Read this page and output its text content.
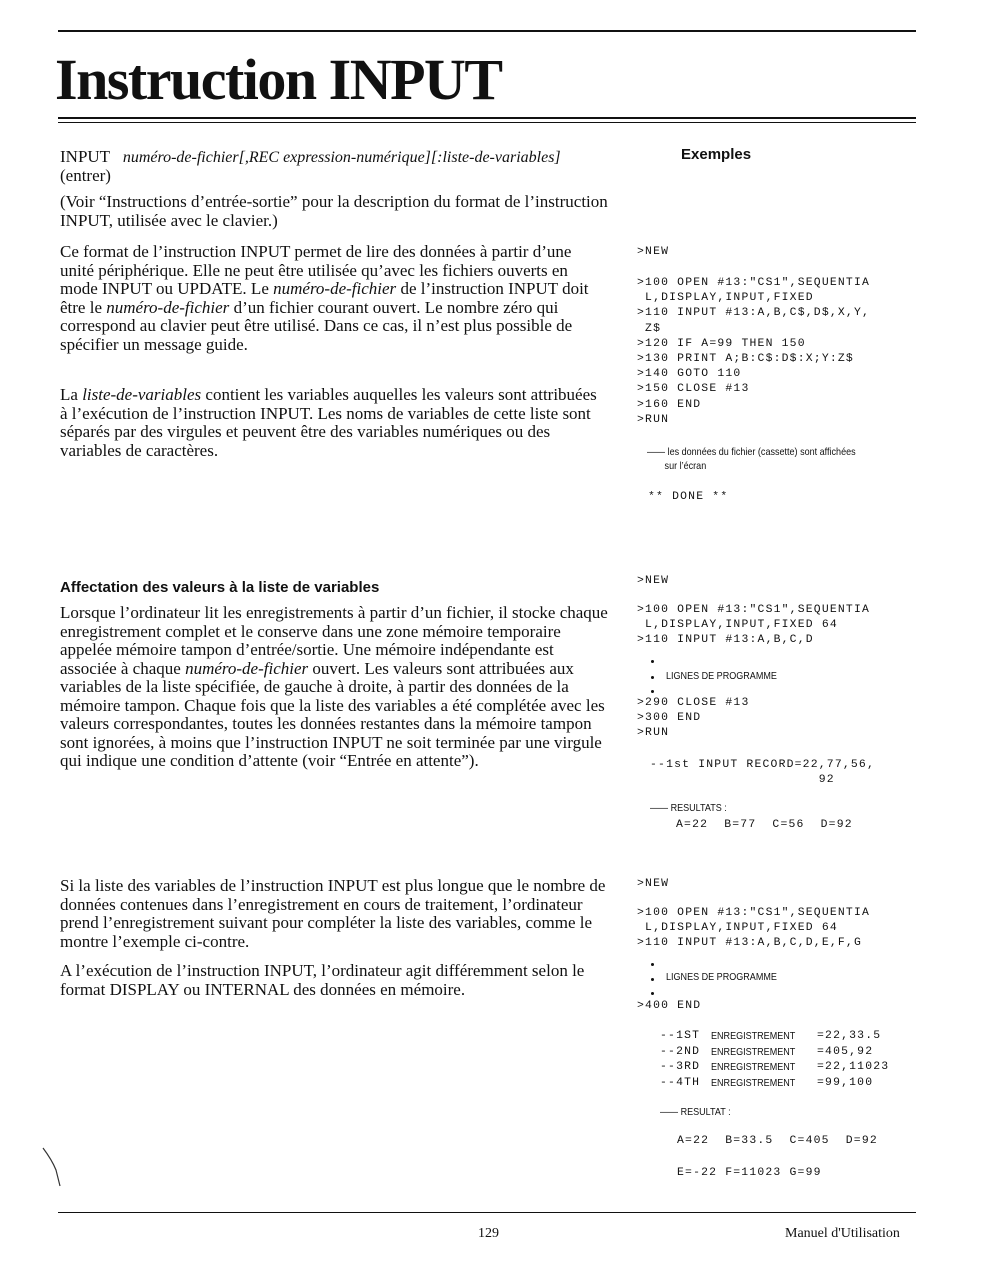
Instruction INPUT
INPUT numéro-de-fichier[,REC expression-numérique][:liste-de-variables]
(entrer)
Exemples

(Voir “Instructions d’entrée-sortie” pour la description du format de l’instruction INPUT, utilisée avec le clavier.)

Ce format de l’instruction INPUT permet de lire des données à partir d’une unité périphérique. Elle ne peut être utilisée qu’avec les fichiers ouverts en mode INPUT ou UPDATE. Le numéro-de-fichier de l’instruction INPUT doit être le numéro-de-fichier d’un fichier courant ouvert. Le nombre zéro qui correspond au clavier peut être utilisé. Dans ce cas, il n’est plus possible de spécifier un message guide.

La liste-de-variables contient les variables auquelles les valeurs sont attribuées à l’exécution de l’instruction INPUT. Les noms de variables de cette liste sont séparés par des virgules et peuvent être des variables numériques ou des variables de caractères.

Affectation des valeurs à la liste de variables

Lorsque l’ordinateur lit les enregistrements à partir d’un fichier, il stocke chaque enregistrement complet et le conserve dans une zone mémoire temporaire appelée mémoire tampon d’entrée/sortie. Une mémoire indépendante est associée à chaque numéro-de-fichier ouvert. Les valeurs sont attribuées aux variables de la liste spécifiée, de gauche à droite, à partir des données de la mémoire tampon. Chaque fois que la liste des variables a été complétée avec les valeurs correspondantes, toutes les données restantes dans la mémoire tampon sont ignorées, à moins que l’instruction INPUT ne soit terminée par une virgule qui indique une condition d’attente (voir “Entrée en attente”).

Si la liste des variables de l’instruction INPUT est plus longue que le nombre de données contenues dans l’enregistrement en cours de traitement, l’ordinateur prend l’enregistrement suivant pour compléter la liste des variables, comme le montre l’exemple ci-contre.

A l’exécution de l’instruction INPUT, l’ordinateur agit différemment selon le format DISPLAY ou INTERNAL des données en mémoire.

>NEW
>100 OPEN #13:"CS1",SEQUENTIA
L,DISPLAY,INPUT,FIXED
>110 INPUT #13:A,B,C$,D$,X,Y,
Z$
>120 IF A=99 THEN 150
>130 PRINT A;B:C$:D$:X;Y:Z$
>140 GOTO 110
>150 CLOSE #13
>160 END
>RUN
—— les données du fichier (cassette) sont affichées
sur l’écran
** DONE **
>NEW
>100 OPEN #13:"CS1",SEQUENTIA
L,DISPLAY,INPUT,FIXED 64
>110 INPUT #13:A,B,C,D
LIGNES DE PROGRAMME
>290 CLOSE #13
>300 END
>RUN
--1st INPUT RECORD=22,77,56,
92
—— RESULTATS :
A=22  B=77  C=56  D=92
>NEW
>100 OPEN #13:"CS1",SEQUENTIA
L,DISPLAY,INPUT,FIXED 64
>110 INPUT #13:A,B,C,D,E,F,G
LIGNES DE PROGRAMME
>400 END
--1ST ENREGISTREMENT =22,33.5
--2ND ENREGISTREMENT =405,92
--3RD ENREGISTREMENT =22,11023
--4TH ENREGISTREMENT =99,100
—— RESULTAT :
A=22  B=33.5  C=405  D=92
E=-22 F=11023 G=99
129	Manuel d'Utilisation
